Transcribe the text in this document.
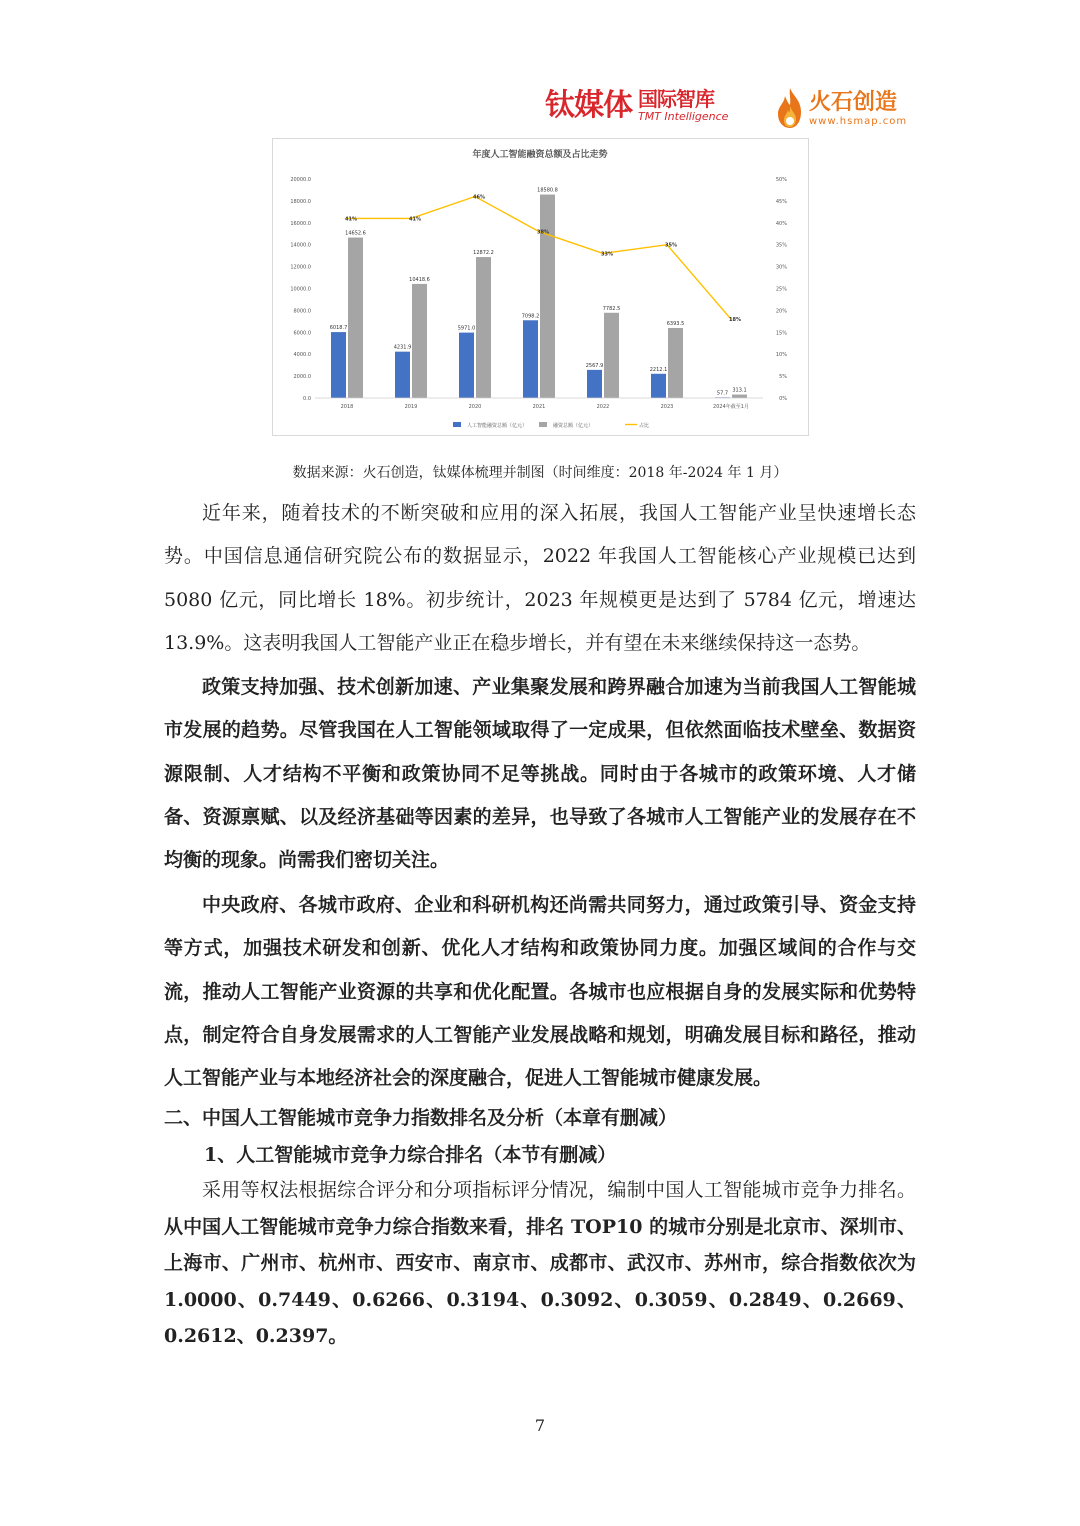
钛媒体 国际智库
TMT Intelligence
火石创造
www.hsmap.com
年度人工智能融资总额及占比走势
0.0
2000.0
4000.0
6000.0
8000.0
10000.0
12000.0
14000.0
16000.0
18000.0
20000.0
0%
5%
10%
15%
20%
25%
30%
35%
40%
45%
50%
6018.7
14652.6
4231.9
10418.6
5971.0
12872.2
7098.2
18580.8
2567.9
7782.5
2212.1
6393.5
57.7 313.1
41%	41%
46%
38%
33%
35%
18%
2018	2019	2020	2021	2022	2023	2024年截至1月
人工智能融资总额（亿元）	融资总额（亿元）	占比
数据来源：火石创造，钛媒体梳理并制图（时间维度：2018 年-2024 年 1 月）

近年来，随着技术的不断突破和应用的深入拓展，我国人工智能产业呈快速增长态势。中国信息通信研究院公布的数据显示，2022 年我国人工智能核心产业规模已达到 5080 亿元，同比增长 18%。初步统计，2023 年规模更是达到了 5784 亿元，增速达 13.9%。这表明我国人工智能产业正在稳步增长，并有望在未来继续保持这一态势。

政策支持加强、技术创新加速、产业集聚发展和跨界融合加速为当前我国人工智能城市发展的趋势。尽管我国在人工智能领域取得了一定成果，但依然面临技术壁垒、数据资源限制、人才结构不平衡和政策协同不足等挑战。同时由于各城市的政策环境、人才储备、资源禀赋、以及经济基础等因素的差异，也导致了各城市人工智能产业的发展存在不均衡的现象。尚需我们密切关注。

中央政府、各城市政府、企业和科研机构还尚需共同努力，通过政策引导、资金支持等方式，加强技术研发和创新、优化人才结构和政策协同力度。加强区域间的合作与交流，推动人工智能产业资源的共享和优化配置。各城市也应根据自身的发展实际和优势特点，制定符合自身发展需求的人工智能产业发展战略和规划，明确发展目标和路径，推动人工智能产业与本地经济社会的深度融合，促进人工智能城市健康发展。

二、中国人工智能城市竞争力指数排名及分析（本章有删减）
1、人工智能城市竞争力综合排名（本节有删减）

采用等权法根据综合评分和分项指标评分情况，编制中国人工智能城市竞争力排名。从中国人工智能城市竞争力综合指数来看，排名 TOP10 的城市分别是北京市、深圳市、上海市、广州市、杭州市、西安市、南京市、成都市、武汉市、苏州市，综合指数依次为 1.0000、0.7449、0.6266、0.3194、0.3092、0.3059、0.2849、0.2669、0.2612、0.2397。

7
